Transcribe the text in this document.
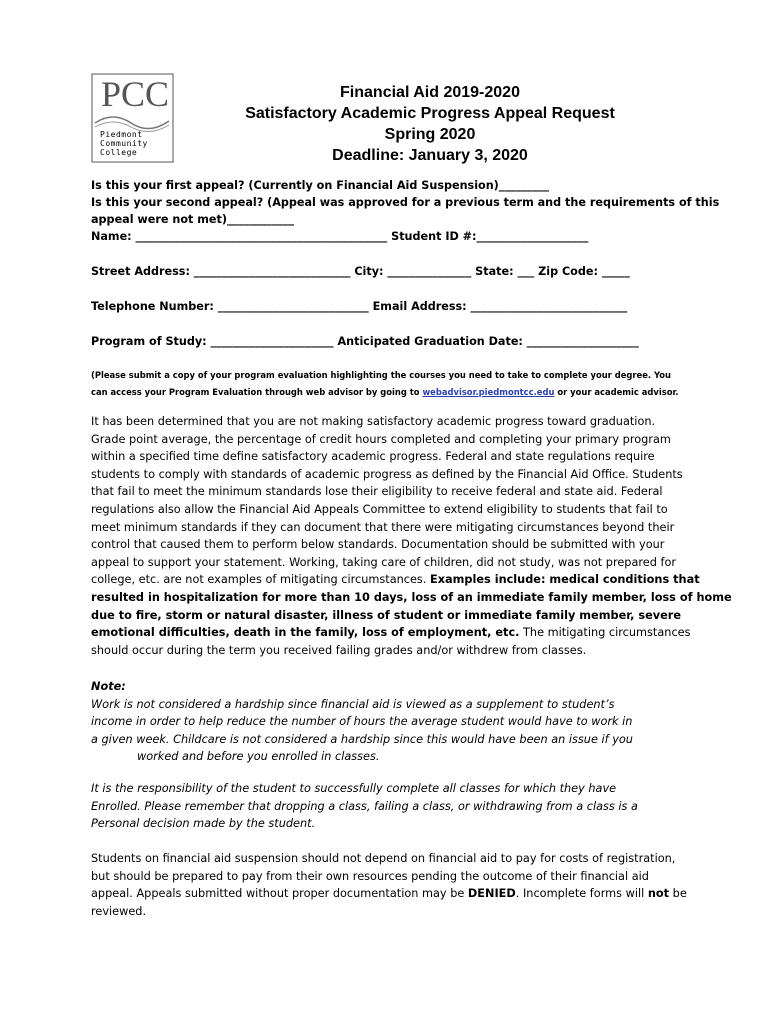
PCC
Piedmont
Community
College
Financial Aid 2019-2020
Satisfactory Academic Progress Appeal Request
Spring 2020
Deadline: January 3, 2020
Is this your first appeal? (Currently on Financial Aid Suspension)_________
Is this your second appeal? (Appeal was approved for a previous term and the requirements of this
appeal were not met)____________
Name: _____________________________________________ Student ID #:____________________
Street Address: ____________________________ City: _______________ State: ___ Zip Code: _____
Telephone Number: ___________________________ Email Address: ____________________________
Program of Study: ______________________ Anticipated Graduation Date: ____________________
(Please submit a copy of your program evaluation highlighting the courses you need to take to complete your degree. You
can access your Program Evaluation through web advisor by going to webadvisor.piedmontcc.edu or your academic advisor.
It has been determined that you are not making satisfactory academic progress toward graduation.
Grade point average, the percentage of credit hours completed and completing your primary program
within a specified time define satisfactory academic progress. Federal and state regulations require
students to comply with standards of academic progress as defined by the Financial Aid Office. Students
that fail to meet the minimum standards lose their eligibility to receive federal and state aid. Federal
regulations also allow the Financial Aid Appeals Committee to extend eligibility to students that fail to
meet minimum standards if they can document that there were mitigating circumstances beyond their
control that caused them to perform below standards. Documentation should be submitted with your
appeal to support your statement. Working, taking care of children, did not study, was not prepared for
college, etc. are not examples of mitigating circumstances. Examples include: medical conditions that
resulted in hospitalization for more than 10 days, loss of an immediate family member, loss of home
due to fire, storm or natural disaster, illness of student or immediate family member, severe
emotional difficulties, death in the family, loss of employment, etc. The mitigating circumstances
should occur during the term you received failing grades and/or withdrew from classes.
Note:
Work is not considered a hardship since financial aid is viewed as a supplement to student’s
income in order to help reduce the number of hours the average student would have to work in
a given week. Childcare is not considered a hardship since this would have been an issue if you
worked and before you enrolled in classes.
It is the responsibility of the student to successfully complete all classes for which they have
Enrolled. Please remember that dropping a class, failing a class, or withdrawing from a class is a
Personal decision made by the student.
Students on financial aid suspension should not depend on financial aid to pay for costs of registration,
but should be prepared to pay from their own resources pending the outcome of their financial aid
appeal. Appeals submitted without proper documentation may be DENIED. Incomplete forms will not be
reviewed.
